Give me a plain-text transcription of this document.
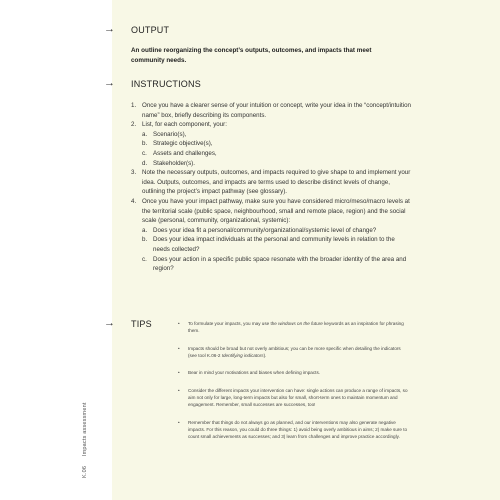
K.06 Impacts assessment
→ OUTPUT
An outline reorganizing the concept’s outputs, outcomes, and impacts that meet community needs.
→ INSTRUCTIONS
1. Once you have a clearer sense of your intuition or concept, write your idea in the “concept/intuition name” box, briefly describing its components.
2. List, for each component, your:
a. Scenario(s),
b. Strategic objective(s),
c. Assets and challenges,
d. Stakeholder(s).
3. Note the necessary outputs, outcomes, and impacts required to give shape to and implement your idea. Outputs, outcomes, and impacts are terms used to describe distinct levels of change, outlining the project’s impact pathway (see glossary).
4. Once you have your impact pathway, make sure you have considered micro/meso/macro levels at the territorial scale (public space, neighbourhood, small and remote place, region) and the social scale (personal, community, organizational, systemic):
a. Does your idea fit a personal/community/organizational/systemic level of change?
b. Does your idea impact individuals at the personal and community levels in relation to the needs collected?
c. Does your action in a specific public space resonate with the broader identity of the area and region?
→ TIPS	•	To formulate your impacts, you may use the windows on the future keywords as an inspiration for phrasing them.
•	Impacts should be broad but not overly ambitious; you can be more specific when detailing the indicators (see tool K.06-2 Identifying indicators).
•	Bear in mind your motivations and biases when defining impacts.
•	Consider the different impacts your intervention can have: single actions can produce a range of impacts, so aim not only for large, long-term impacts but also for small, short-term ones to maintain momentum and engagement. Remember, small successes are successes, too!
•	Remember that things do not always go as planned, and our interventions may also generate negative impacts. For this reason, you could do three things: 1) avoid being overly ambitious in aims; 2) make sure to count small achievements as successes; and 3) learn from challenges and improve practice accordingly.
